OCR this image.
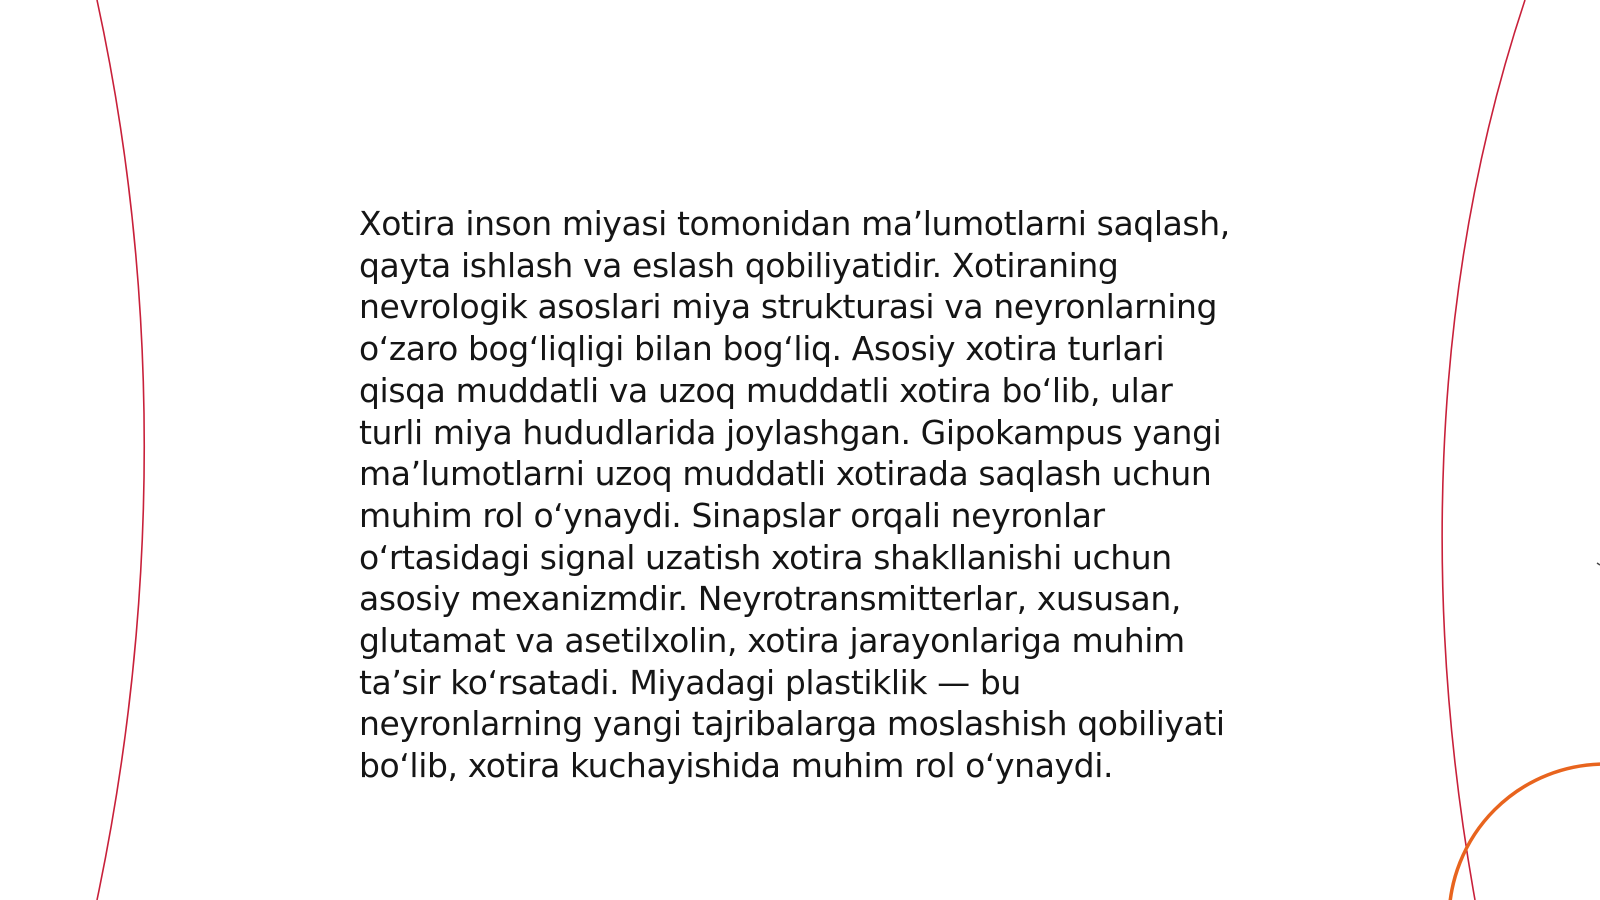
Xotira inson miyasi tomonidan ma’lumotlarni saqlash,
qayta ishlash va eslash qobiliyatidir. Xotiraning
nevrologik asoslari miya strukturasi va neyronlarning
o‘zaro bog‘liqligi bilan bog‘liq. Asosiy xotira turlari
qisqa muddatli va uzoq muddatli xotira bo‘lib, ular
turli miya hududlarida joylashgan. Gipokampus yangi
ma’lumotlarni uzoq muddatli xotirada saqlash uchun
muhim rol o‘ynaydi. Sinapslar orqali neyronlar
o‘rtasidagi signal uzatish xotira shakllanishi uchun
asosiy mexanizmdir. Neyrotransmitterlar, xususan,
glutamat va asetilxolin, xotira jarayonlariga muhim
ta’sir ko‘rsatadi. Miyadagi plastiklik — bu
neyronlarning yangi tajribalarga moslashish qobiliyati
bo‘lib, xotira kuchayishida muhim rol o‘ynaydi.
